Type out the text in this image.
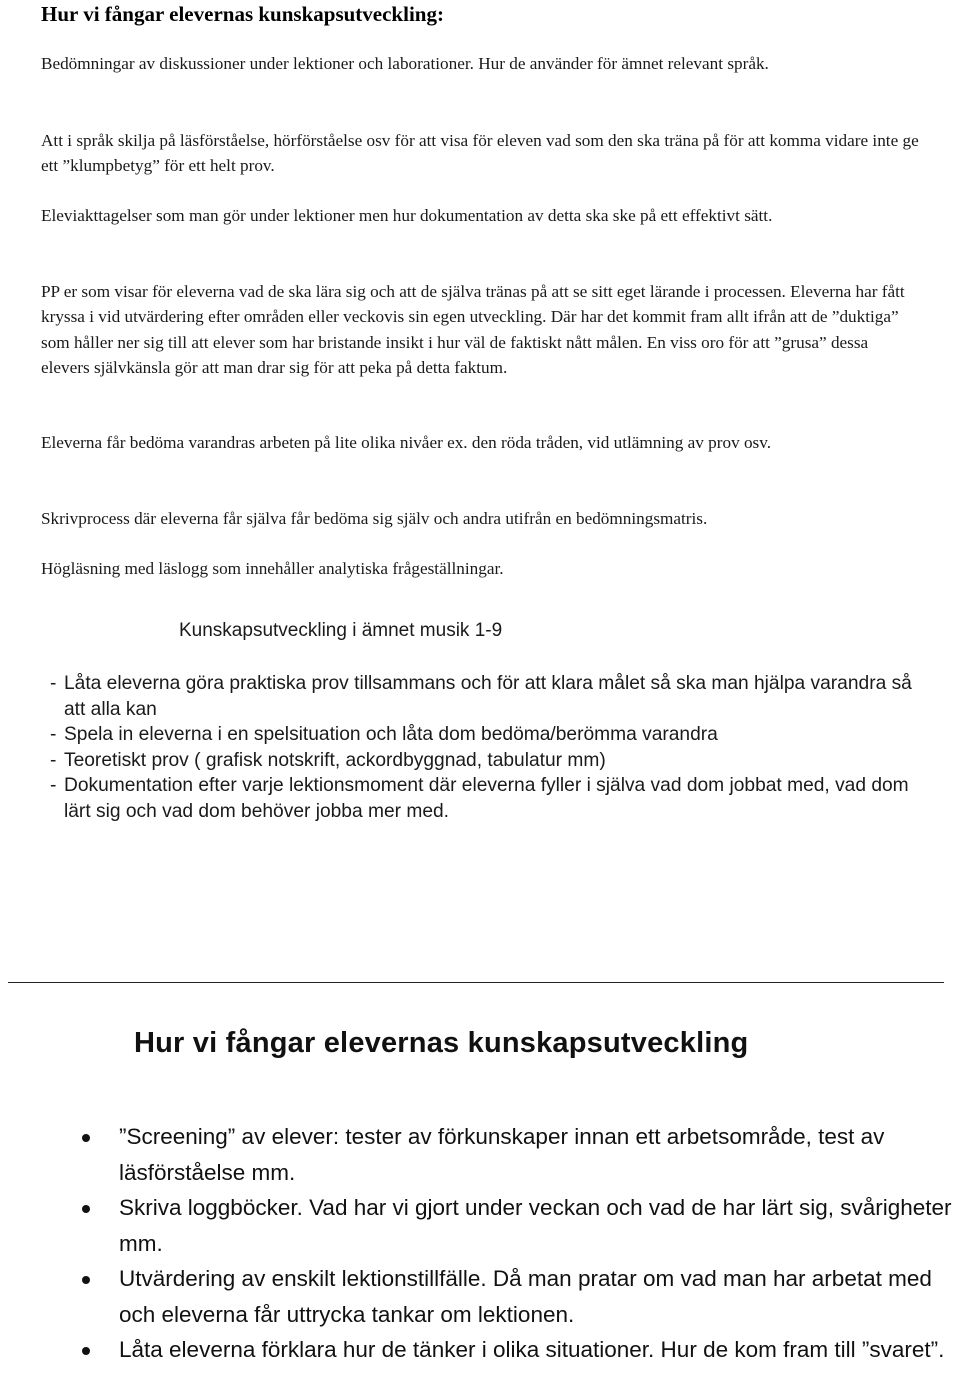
Hur vi fångar elevernas kunskapsutveckling:

Bedömningar av diskussioner under lektioner och laborationer. Hur de använder för ämnet relevant språk.

Att i språk skilja på läsförståelse, hörförståelse osv för att visa för eleven vad som den ska träna på för att komma vidare inte ge ett ”klumpbetyg” för ett helt prov.

Eleviakttagelser som man gör under lektioner men hur dokumentation av detta ska ske på ett effektivt sätt.

PP er som visar för eleverna vad de ska lära sig och att de själva tränas på att se sitt eget lärande i processen. Eleverna har fått kryssa i vid utvärdering efter områden eller veckovis sin egen utveckling. Där har det kommit fram allt ifrån att de ”duktiga” som håller ner sig till att elever som har bristande insikt i hur väl de faktiskt nått målen. En viss oro för att ”grusa” dessa elevers självkänsla gör att man drar sig för att peka på detta faktum.

Eleverna får bedöma varandras arbeten på lite olika nivåer ex. den röda tråden, vid utlämning av prov osv.

Skrivprocess där eleverna får själva får bedöma sig själv och andra utifrån en bedömningsmatris.

Högläsning med läslogg som innehåller analytiska frågeställningar.

Kunskapsutveckling i ämnet musik 1-9
- Låta eleverna göra praktiska prov tillsammans och för att klara målet så ska man hjälpa varandra så att alla kan
- Spela in eleverna i en spelsituation och låta dom bedöma/berömma varandra
- Teoretiskt prov ( grafisk notskrift, ackordbyggnad, tabulatur mm)
- Dokumentation efter varje lektionsmoment där eleverna fyller i själva vad dom jobbat med, vad dom lärt sig och vad dom behöver jobba mer med.
Hur vi fångar elevernas kunskapsutveckling
”Screening” av elever: tester av förkunskaper innan ett arbetsområde, test av läsförståelse mm.
Skriva loggböcker. Vad har vi gjort under veckan och vad de har lärt sig, svårigheter mm.
Utvärdering av enskilt lektionstillfälle. Då man pratar om vad man har arbetat med och eleverna får uttrycka tankar om lektionen.
Låta eleverna förklara hur de tänker i olika situationer. Hur de kom fram till ”svaret”.
